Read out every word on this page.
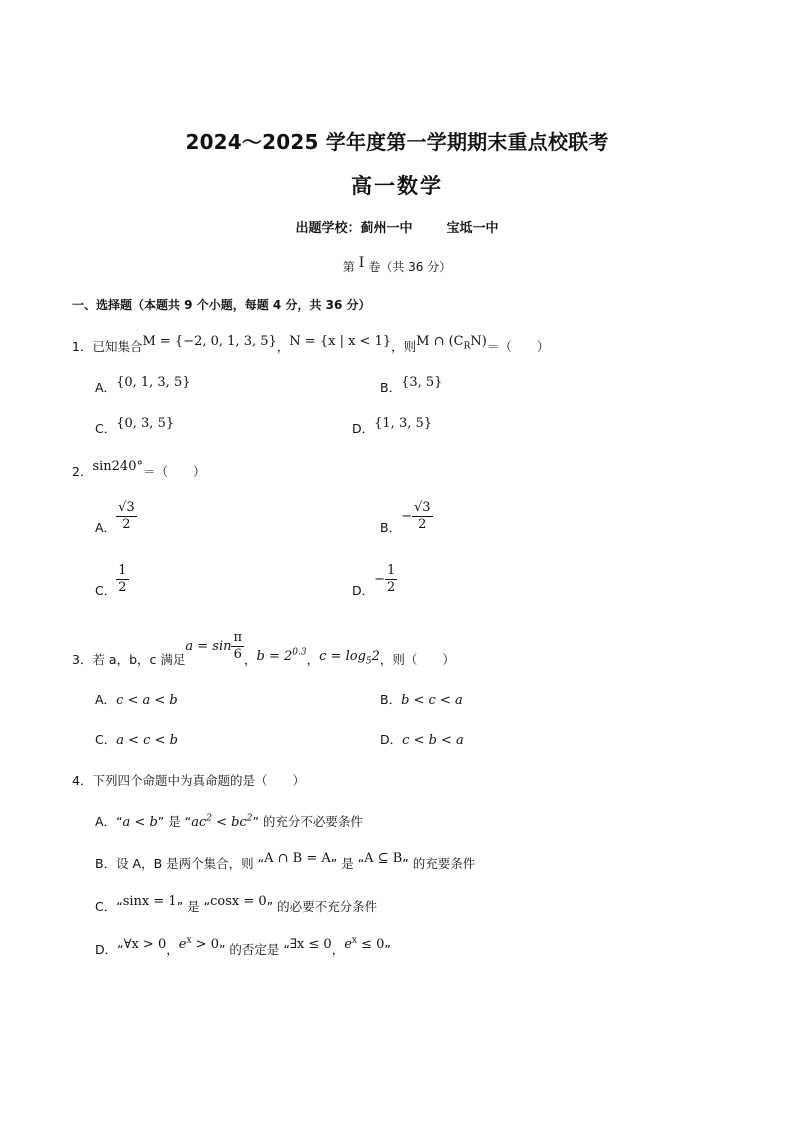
2024～2025 学年度第一学期期末重点校联考
高一数学
出题学校：蓟州一中	宝坻一中
第 Ⅰ 卷（共 36 分）
一、选择题（本题共 9 个小题，每题 4 分，共 36 分）
1．已知集合M = {−2, 0, 1, 3, 5}，N = {x | x < 1}，则M ∩ $(C_RN)=$（　　）
A．{0, 1, 3, 5}	B．{3, 5}
C．{0, 3, 5}	D．{1, 3, 5}
2．sin240°＝（　　）
A． $\frac{√3}{2}$	B．− $\frac{√3}{2}$
C． $\frac{1}{2}$	D．− $\frac{1}{2}$
3．若 a，b，c 满足$a = \sin \frac{\pi}{6}$ ，$b = 2^{0.3}$，$c = \log_52$，则（　　）
A．c < a < b	B．b < c < a
C．a < c < b	D．c < b < a
4．下列四个命题中为真命题的是（　　）
A．“a < b” 是 “$ac^2 < bc^2$” 的充分不必要条件
B．设 A，B 是两个集合，则 “A ∩ B = A” 是 “A ⊆ B” 的充要条件
C．“sinx = 1” 是 “cosx = 0” 的必要不充分条件
D．“∀x > 0，$e^x > 0$” 的否定是 “∃x ≤ 0，$e^x \le 0$”
